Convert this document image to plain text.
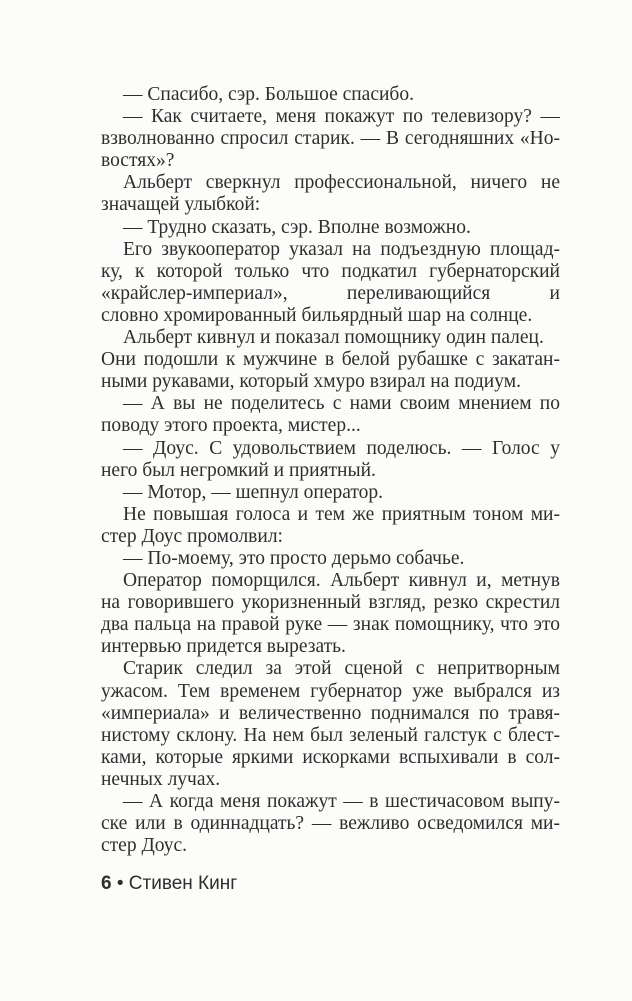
— Спасибо, сэр. Большое спасибо.
— Как считаете, меня покажут по телевизору? —
взволнованно спросил старик. — В сегодняшних «Но-
востях»?
Альберт сверкнул профессиональной, ничего не
значащей улыбкой:
— Трудно сказать, сэр. Вполне возможно.
Его звукооператор указал на подъездную площад-
ку, к которой только что подкатил губернаторский
«крайслер-империал», переливающийся и
словно хромированный бильярдный шар на солнце.
Альберт кивнул и показал помощнику один палец.
Они подошли к мужчине в белой рубашке с закатан-
ными рукавами, который хмуро взирал на подиум.
— А вы не поделитесь с нами своим мнением по
поводу этого проекта, мистер...
— Доус. С удовольствием поделюсь. — Голос у
него был негромкий и приятный.
— Мотор, — шепнул оператор.
Не повышая голоса и тем же приятным тоном ми-
стер Доус промолвил:
— По-моему, это просто дерьмо собачье.
Оператор поморщился. Альберт кивнул и, метнув
на говорившего укоризненный взгляд, резко скрестил
два пальца на правой руке — знак помощнику, что это
интервью придется вырезать.
Старик следил за этой сценой с непритворным
ужасом. Тем временем губернатор уже выбрался из
«империала» и величественно поднимался по травя-
нистому склону. На нем был зеленый галстук с блест-
ками, которые яркими искорками вспыхивали в сол-
нечных лучах.
— А когда меня покажут — в шестичасовом выпу-
ске или в одиннадцать? — вежливо осведомился ми-
стер Доус.
6 • Стивен Кинг
